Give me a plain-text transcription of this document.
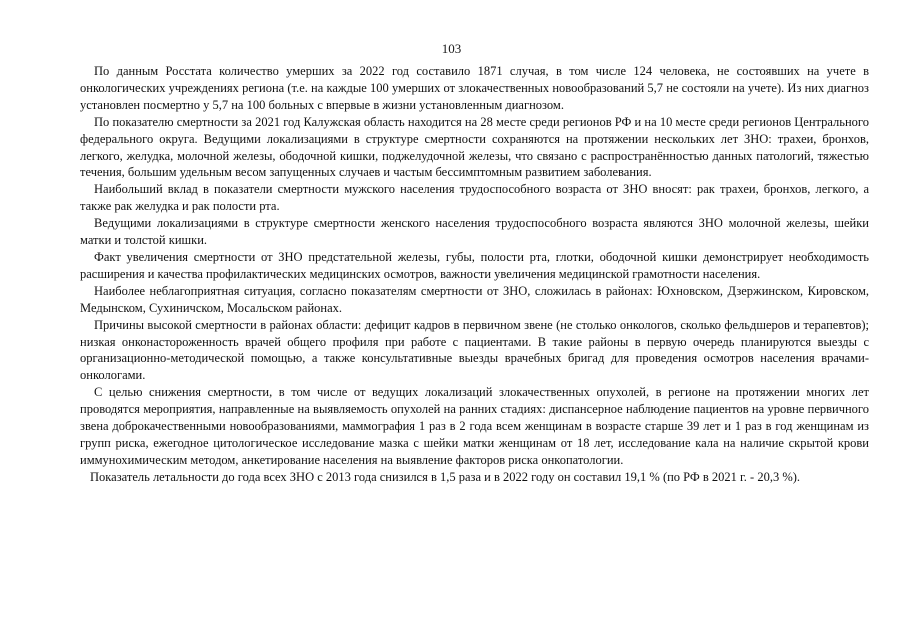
103

По данным Росстата количество умерших за 2022 год составило 1871 случая, в том числе 124 человека, не состоявших на учете в онкологических учреждениях региона (т.е. на каждые 100 умерших от злокачественных новообразований 5,7 не состояли на учете). Из них диагноз установлен посмертно у 5,7 на 100 больных с впервые в жизни установленным диагнозом.

По показателю смертности за 2021 год Калужская область находится на 28 месте среди регионов РФ и на 10 месте среди регионов Центрального федерального округа. Ведущими локализациями в структуре смертности сохраняются на протяжении нескольких лет ЗНО: трахеи, бронхов, легкого, желудка, молочной железы, ободочной кишки, поджелудочной железы, что связано с распространённостью данных патологий, тяжестью течения, большим удельным весом запущенных случаев и частым бессимптомным развитием заболевания.

Наибольший вклад в показатели смертности мужского населения трудоспособного возраста от ЗНО вносят: рак трахеи, бронхов, легкого, а также рак желудка и рак полости рта.

Ведущими локализациями в структуре смертности женского населения трудоспособного возраста являются ЗНО молочной железы, шейки матки и толстой кишки.

Факт увеличения смертности от ЗНО предстательной железы, губы, полости рта, глотки, ободочной кишки демонстрирует необходимость расширения и качества профилактических медицинских осмотров, важности увеличения медицинской грамотности населения.

Наиболее неблагоприятная ситуация, согласно показателям смертности от ЗНО, сложилась в районах: Юхновском, Дзержинском, Кировском, Медынском, Сухиничском, Мосальском районах.

Причины высокой смертности в районах области: дефицит кадров в первичном звене (не столько онкологов, сколько фельдшеров и терапевтов); низкая онконастороженность врачей общего профиля при работе с пациентами. В такие районы в первую очередь планируются выезды с организационно-методической помощью, а также консультативные выезды врачебных бригад для проведения осмотров населения врачами-онкологами.

С целью снижения смертности, в том числе от ведущих локализаций злокачественных опухолей, в регионе на протяжении многих лет проводятся мероприятия, направленные на выявляемость опухолей на ранних стадиях: диспансерное наблюдение пациентов на уровне первичного звена доброкачественными новообразованиями, маммография 1 раз в 2 года всем женщинам в возрасте старше 39 лет и 1 раз в год женщинам из групп риска, ежегодное цитологическое исследование мазка с шейки матки женщинам от 18 лет, исследование кала на наличие скрытой крови иммунохимическим методом, анкетирование населения на выявление факторов риска онкопатологии.

Показатель летальности до года всех ЗНО с 2013 года снизился в 1,5 раза и в 2022 году он составил 19,1 % (по РФ в 2021 г. - 20,3 %).
